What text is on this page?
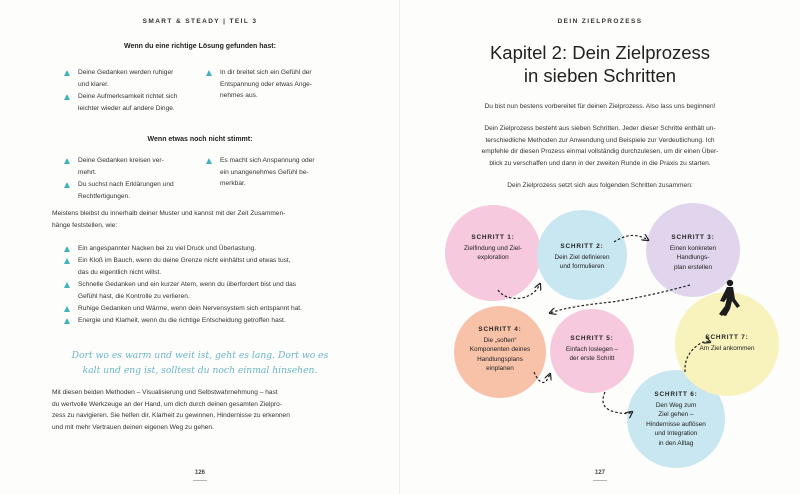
SMART & STEADY | TEIL 3
Wenn du eine richtige Lösung gefunden hast:
Deine Gedanken werden ruhiger
und klarer.
Deine Aufmerksamkeit richtet sich
leichter wieder auf andere Dinge.
In dir breitet sich ein Gefühl der
Entspannung oder etwas Ange-
nehmes aus.
Wenn etwas noch nicht stimmt:
Deine Gedanken kreisen ver-
mehrt.
Du suchst nach Erklärungen und
Rechtfertigungen.
Es macht sich Anspannung oder
ein unangenehmes Gefühl be-
merkbar.
Meistens bleibst du innerhalb deiner Muster und kannst mit der Zeit Zusammen-
hänge feststellen, wie:
Ein angespannter Nacken bei zu viel Druck und Überlastung.
Ein Kloß im Bauch, wenn du deine Grenze nicht einhältst und etwas tust,
das du eigentlich nicht willst.
Schnelle Gedanken und ein kurzer Atem, wenn du überfordert bist und das
Gefühl hast, die Kontrolle zu verlieren.
Ruhige Gedanken und Wärme, wenn dein Nervensystem sich entspannt hat.
Energie und Klarheit, wenn du die richtige Entscheidung getroffen hast.
Dort wo es warm und weit ist, geht es lang. Dort wo es
kalt und eng ist, solltest du noch einmal hinsehen.
Mit diesen beiden Methoden – Visualisierung und Selbstwahrnehmung – hast
du wertvolle Werkzeuge an der Hand, um dich durch deinen gesamten Zielpro-
zess zu navigieren. Sie helfen dir, Klarheit zu gewinnen, Hindernisse zu erkennen
und mit mehr Vertrauen deinen eigenen Weg zu gehen.
126
DEIN ZIELPROZESS
Kapitel 2: Dein Zielprozess
in sieben Schritten
Du bist nun bestens vorbereitet für deinen Zielprozess. Also lass uns beginnen!
Dein Zielprozess besteht aus sieben Schritten. Jeder dieser Schritte enthält un-
terschiedliche Methoden zur Anwendung und Beispiele zur Verdeutlichung. Ich
empfehle dir diesen Prozess einmal vollständig durchzulesen, um dir einen Über-
blick zu verschaffen und dann in der zweiten Runde in die Praxis zu starten.
Dein Zielprozess setzt sich aus folgenden Schritten zusammen:
SCHRITT 1:
Zielfindung und Ziel-
exploration
SCHRITT 2:
Dein Ziel definieren
und formulieren
SCHRITT 3:
Einen konkreten
Handlungs-
plan erstellen
SCHRITT 4:
Die „soften“
Komponenten deines
Handlungsplans
einplanen
SCHRITT 5:
Einfach loslegen –
der erste Schritt
SCHRITT 6:
Den Weg zum
Ziel gehen –
Hindernisse auflösen
und Integration
in den Alltag
SCHRITT 7:
Am Ziel ankommen
127
